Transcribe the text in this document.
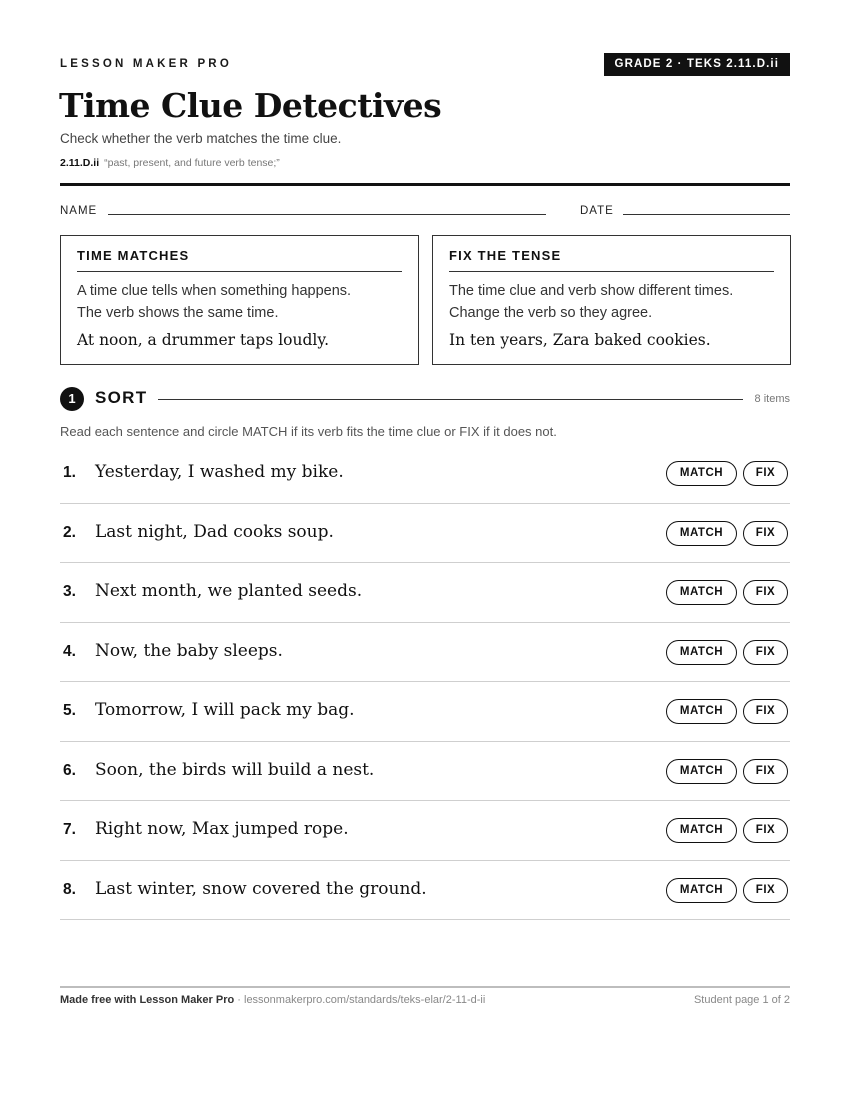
LESSON MAKER PRO	GRADE 2 · TEKS 2.11.D.ii
Time Clue Detectives
Check whether the verb matches the time clue.
2.11.D.ii “past, present, and future verb tense;”
NAME	DATE
TIME MATCHES
A time clue tells when something happens.
The verb shows the same time.
At noon, a drummer taps loudly.
FIX THE TENSE
The time clue and verb show different times.
Change the verb so they agree.
In ten years, Zara baked cookies.
1	SORT	8 items
Read each sentence and circle MATCH if its verb fits the time clue or FIX if it does not.
1. Yesterday, I washed my bike.	MATCH	FIX
2. Last night, Dad cooks soup.	MATCH	FIX
3. Next month, we planted seeds.	MATCH	FIX
4. Now, the baby sleeps.	MATCH	FIX
5. Tomorrow, I will pack my bag.	MATCH	FIX
6. Soon, the birds will build a nest.	MATCH	FIX
7. Right now, Max jumped rope.	MATCH	FIX
8. Last winter, snow covered the ground.	MATCH	FIX
Made free with Lesson Maker Pro · lessonmakerpro.com/standards/teks-elar/2-11-d-ii	Student page 1 of 2
